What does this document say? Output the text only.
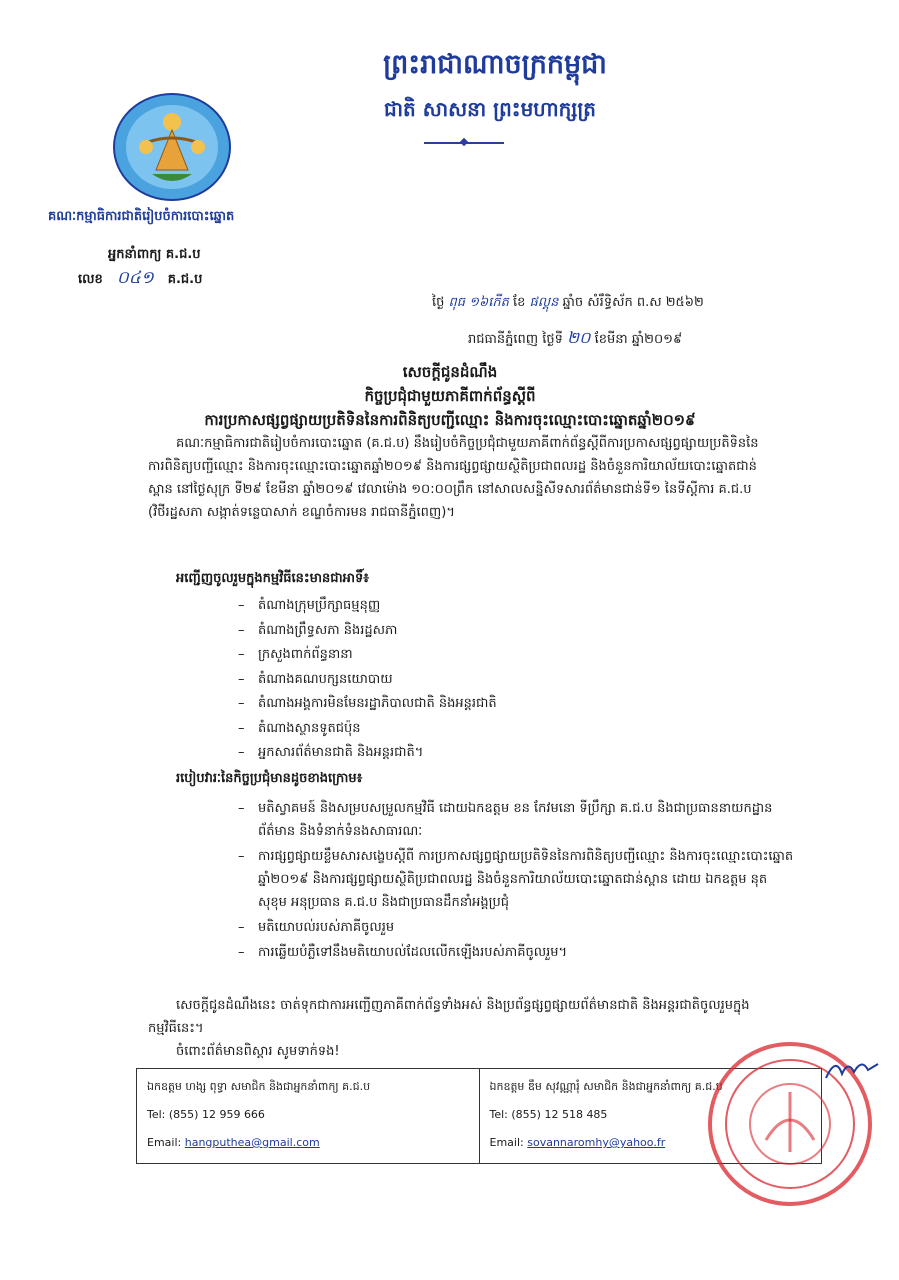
ព្រះរាជាណាចក្រកម្ពុជា
ជាតិ សាសនា ព្រះមហាក្សត្រ
គណៈកម្មាធិការជាតិរៀបចំការបោះឆ្នោត
អ្នកនាំពាក្យ គ.ជ.ប
លេខ ០៤១ គ.ជ.ប
ថ្ងៃ ពុធ ១៦កើត ខែ ផល្គុន ឆ្នាំច សំរឹទ្ធិស័ក ព.ស ២៥៦២
រាជធានីភ្នំពេញ ថ្ងៃទី ២០ ខែមីនា ឆ្នាំ២០១៩
សេចក្តីជូនដំណឹង
កិច្ចប្រជុំជាមួយភាគីពាក់ព័ន្ធស្តីពី
ការប្រកាសផ្សព្វផ្សាយប្រតិទិននៃការពិនិត្យបញ្ជីឈ្មោះ និងការចុះឈ្មោះបោះឆ្នោតឆ្នាំ២០១៩
គណៈកម្មាធិការជាតិរៀបចំការបោះឆ្នោត (គ.ជ.ប) នឹងរៀបចំកិច្ចប្រជុំជាមួយភាគីពាក់ព័ន្ធស្តីពីការប្រកាសផ្សព្វផ្សាយប្រតិទិននៃការពិនិត្យបញ្ជីឈ្មោះ និងការចុះឈ្មោះបោះឆ្នោតឆ្នាំ២០១៩ និងការផ្សព្វផ្សាយស្ថិតិប្រជាពលរដ្ឋ និងចំនួនការិយាល័យបោះឆ្នោតជាន់ស្ពាន នៅថ្ងៃសុក្រ ទី២៩ ខែមីនា ឆ្នាំ២០១៩ វេលាម៉ោង ១០:០០ព្រឹក នៅសាលសន្និសីទសារព័ត៌មានជាន់ទី១ នៃទីស្តីការ គ.ជ.ប (វិថីរដ្ឋសភា សង្កាត់ទន្លេបាសាក់ ខណ្ឌចំការមន រាជធានីភ្នំពេញ)។
អញ្ជើញចូលរួមក្នុងកម្មវិធីនេះមានជាអាទិ៍៖
– តំណាងក្រុមប្រឹក្សាធម្មនុញ្ញ
– តំណាងព្រឹទ្ធសភា និងរដ្ឋសភា
– ក្រសួងពាក់ព័ន្ធនានា
– តំណាងគណបក្សនយោបាយ
– តំណាងអង្គការមិនមែនរដ្ឋាភិបាលជាតិ និងអន្តរជាតិ
– តំណាងស្ថានទូតជប៉ុន
– អ្នកសារព័ត៌មានជាតិ និងអន្តរជាតិ។
របៀបវារៈនៃកិច្ចប្រជុំមានដូចខាងក្រោម៖
– មតិស្វាគមន៍ និងសម្របសម្រួលកម្មវិធី ដោយឯកឧត្តម ខន កែវមនោ ទីប្រឹក្សា គ.ជ.ប និងជាប្រធាននាយកដ្ឋានព័ត៌មាន និងទំនាក់ទំនងសាធារណៈ
– ការផ្សព្វផ្សាយខ្លឹមសារសង្ខេបស្តីពី ការប្រកាសផ្សព្វផ្សាយប្រតិទិននៃការពិនិត្យបញ្ជីឈ្មោះ និងការចុះឈ្មោះបោះឆ្នោតឆ្នាំ២០១៩ និងការផ្សព្វផ្សាយស្ថិតិប្រជាពលរដ្ឋ និងចំនួនការិយាល័យបោះឆ្នោតជាន់ស្ពាន ដោយ ឯកឧត្តម នុត សុខុម អនុប្រធាន គ.ជ.ប និងជាប្រធានដឹកនាំអង្គប្រជុំ
– មតិយោបល់របស់ភាគីចូលរួម
– ការឆ្លើយបំភ្លឺទៅនឹងមតិយោបល់ដែលលើកឡើងរបស់ភាគីចូលរួម។
សេចក្តីជូនដំណឹងនេះ ចាត់ទុកជាការអញ្ជើញភាគីពាក់ព័ន្ធទាំងអស់ និងប្រព័ន្ធផ្សព្វផ្សាយព័ត៌មានជាតិ និងអន្តរជាតិចូលរួមក្នុងកម្មវិធីនេះ។
ចំពោះព័ត៌មានពិស្តារ សូមទាក់ទង!
ឯកឧត្តម ហង្ស ពុទ្ធា សមាជិក និងជាអ្នកនាំពាក្យ គ.ជ.ប
Tel: (855) 12 959 666
Email: hangputhea@gmail.com
ឯកឧត្តម ឌឹម សុវណ្ណារុំ សមាជិក និងជាអ្នកនាំពាក្យ គ.ជ.ប
Tel: (855) 12 518 485
Email: sovannaromhy@yahoo.fr
